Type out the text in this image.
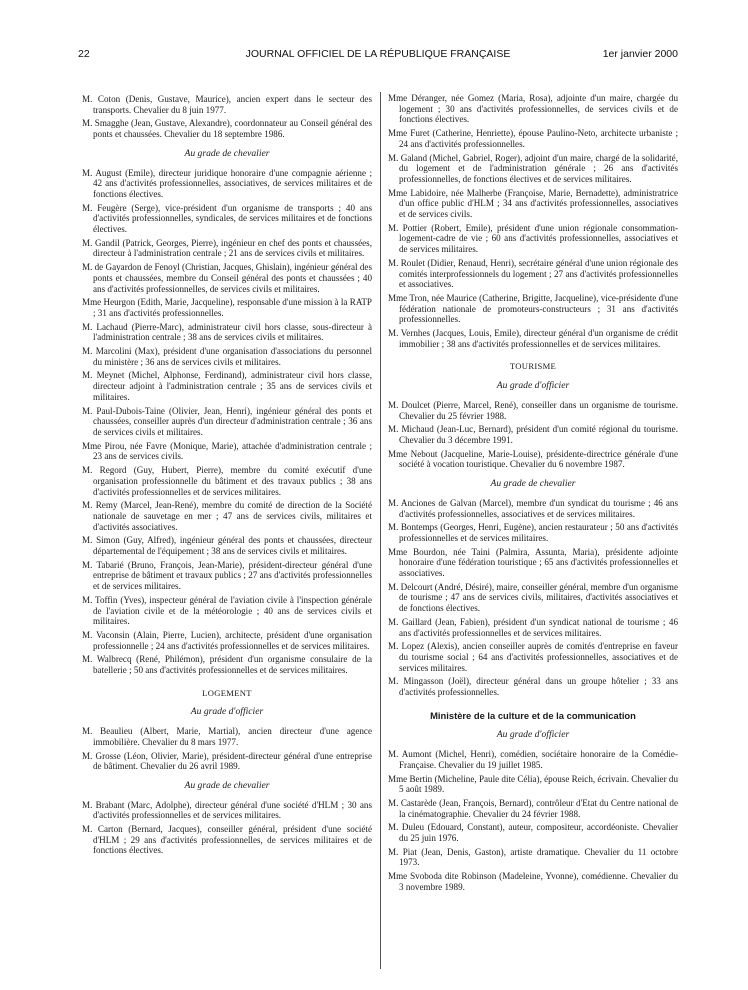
22	JOURNAL OFFICIEL DE LA RÉPUBLIQUE FRANÇAISE	1er janvier 2000

M. Coton (Denis, Gustave, Maurice), ancien expert dans le secteur des transports. Chevalier du 8 juin 1977.

M. Smagghe (Jean, Gustave, Alexandre), coordonnateur au Conseil général des ponts et chaussées. Chevalier du 18 septembre 1986.

Au grade de chevalier

M. August (Emile), directeur juridique honoraire d'une compagnie aérienne ; 42 ans d'activités professionnelles, associatives, de services militaires et de fonctions électives.

M. Feugère (Serge), vice-président d'un organisme de transports ; 40 ans d'activités professionnelles, syndicales, de services militaires et de fonctions électives.

M. Gandil (Patrick, Georges, Pierre), ingénieur en chef des ponts et chaussées, directeur à l'administration centrale ; 21 ans de services civils et militaires.

M. de Gayardon de Fenoyl (Christian, Jacques, Ghislain), ingénieur général des ponts et chaussées, membre du Conseil général des ponts et chaussées ; 40 ans d'activités professionnelles, de services civils et militaires.

Mme Heurgon (Edith, Marie, Jacqueline), responsable d'une mission à la RATP ; 31 ans d'activités professionnelles.

M. Lachaud (Pierre-Marc), administrateur civil hors classe, sous-directeur à l'administration centrale ; 38 ans de services civils et militaires.

M. Marcolini (Max), président d'une organisation d'associations du personnel du ministère ; 36 ans de services civils et militaires.

M. Meynet (Michel, Alphonse, Ferdinand), administrateur civil hors classe, directeur adjoint à l'administration centrale ; 35 ans de services civils et militaires.

M. Paul-Dubois-Taine (Olivier, Jean, Henri), ingénieur général des ponts et chaussées, conseiller auprès d'un directeur d'administration centrale ; 36 ans de services civils et militaires.

Mme Pirou, née Favre (Monique, Marie), attachée d'administration centrale ; 23 ans de services civils.

M. Regord (Guy, Hubert, Pierre), membre du comité exécutif d'une organisation professionnelle du bâtiment et des travaux publics ; 38 ans d'activités professionnelles et de services militaires.

M. Remy (Marcel, Jean-René), membre du comité de direction de la Société nationale de sauvetage en mer ; 47 ans de services civils, militaires et d'activités associatives.

M. Simon (Guy, Alfred), ingénieur général des ponts et chaussées, directeur départemental de l'équipement ; 38 ans de services civils et militaires.

M. Tabarié (Bruno, François, Jean-Marie), président-directeur général d'une entreprise de bâtiment et travaux publics ; 27 ans d'activités professionnelles et de services militaires.

M. Toffin (Yves), inspecteur général de l'aviation civile à l'inspection générale de l'aviation civile et de la météorologie ; 40 ans de services civils et militaires.

M. Vaconsin (Alain, Pierre, Lucien), architecte, président d'une organisation professionnelle ; 24 ans d'activités professionnelles et de services militaires.

M. Walbrecq (René, Philémon), président d'un organisme consulaire de la batellerie ; 50 ans d'activités professionnelles et de services militaires.

LOGEMENT
Au grade d'officier

M. Beaulieu (Albert, Marie, Martial), ancien directeur d'une agence immobilière. Chevalier du 8 mars 1977.

M. Grosse (Léon, Olivier, Marie), président-directeur général d'une entreprise de bâtiment. Chevalier du 26 avril 1989.

Au grade de chevalier

M. Brabant (Marc, Adolphe), directeur général d'une société d'HLM ; 30 ans d'activités professionnelles et de services militaires.

M. Carton (Bernard, Jacques), conseiller général, président d'une société d'HLM ; 29 ans d'activités professionnelles, de services militaires et de fonctions électives.

Mme Déranger, née Gomez (Maria, Rosa), adjointe d'un maire, chargée du logement ; 30 ans d'activités professionnelles, de services civils et de fonctions électives.

Mme Furet (Catherine, Henriette), épouse Paulino-Neto, architecte urbaniste ; 24 ans d'activités professionnelles.

M. Galand (Michel, Gabriel, Roger), adjoint d'un maire, chargé de la solidarité, du logement et de l'administration générale ; 26 ans d'activités professionnelles, de fonctions électives et de services militaires.

Mme Labidoire, née Malherbe (Françoise, Marie, Bernadette), administratrice d'un office public d'HLM ; 34 ans d'activités professionnelles, associatives et de services civils.

M. Pottier (Robert, Emile), président d'une union régionale consommation-logement-cadre de vie ; 60 ans d'activités professionnelles, associatives et de services militaires.

M. Roulet (Didier, Renaud, Henri), secrétaire général d'une union régionale des comités interprofessionnels du logement ; 27 ans d'activités professionnelles et associatives.

Mme Tron, née Maurice (Catherine, Brigitte, Jacqueline), vice-présidente d'une fédération nationale de promoteurs-constructeurs ; 31 ans d'activités professionnelles.

M. Vernhes (Jacques, Louis, Emile), directeur général d'un organisme de crédit immobilier ; 38 ans d'activités professionnelles et de services militaires.

TOURISME
Au grade d'officier

M. Doulcet (Pierre, Marcel, René), conseiller dans un organisme de tourisme. Chevalier du 25 février 1988.

M. Michaud (Jean-Luc, Bernard), président d'un comité régional du tourisme. Chevalier du 3 décembre 1991.

Mme Nebout (Jacqueline, Marie-Louise), présidente-directrice générale d'une société à vocation touristique. Chevalier du 6 novembre 1987.

Au grade de chevalier

M. Anciones de Galvan (Marcel), membre d'un syndicat du tourisme ; 46 ans d'activités professionnelles, associatives et de services militaires.

M. Bontemps (Georges, Henri, Eugène), ancien restaurateur ; 50 ans d'activités professionnelles et de services militaires.

Mme Bourdon, née Taini (Palmira, Assunta, Maria), présidente adjointe honoraire d'une fédération touristique ; 65 ans d'activités professionnelles et associatives.

M. Delcourt (André, Désiré), maire, conseiller général, membre d'un organisme de tourisme ; 47 ans de services civils, militaires, d'activités associatives et de fonctions électives.

M. Gaillard (Jean, Fabien), président d'un syndicat national de tourisme ; 46 ans d'activités professionnelles et de services militaires.

M. Lopez (Alexis), ancien conseiller auprès de comités d'entreprise en faveur du tourisme social ; 64 ans d'activités professionnelles, associatives et de services militaires.

M. Mingasson (Joël), directeur général dans un groupe hôtelier ; 33 ans d'activités professionnelles.

Ministère de la culture et de la communication
Au grade d'officier

M. Aumont (Michel, Henri), comédien, sociétaire honoraire de la Comédie-Française. Chevalier du 19 juillet 1985.

Mme Bertin (Micheline, Paule dite Célia), épouse Reich, écrivain. Chevalier du 5 août 1989.

M. Castarède (Jean, François, Bernard), contrôleur d'Etat du Centre national de la cinématographie. Chevalier du 24 février 1988.

M. Duleu (Edouard, Constant), auteur, compositeur, accordéoniste. Chevalier du 25 juin 1976.

M. Piat (Jean, Denis, Gaston), artiste dramatique. Chevalier du 11 octobre 1973.

Mme Svoboda dite Robinson (Madeleine, Yvonne), comédienne. Chevalier du 3 novembre 1989.
